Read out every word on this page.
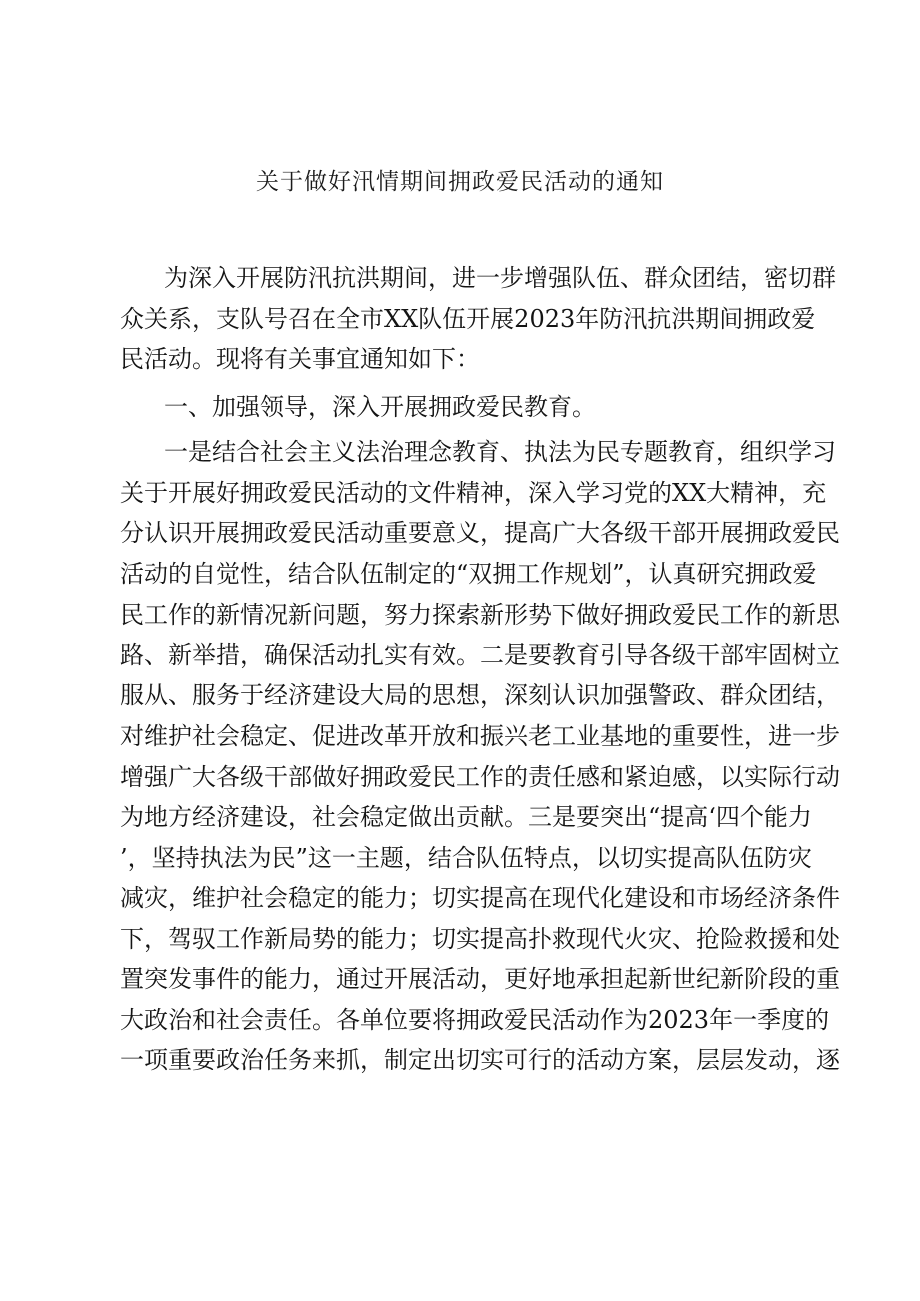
关于做好汛情期间拥政爱民活动的通知
为深入开展防汛抗洪期间，进一步增强队伍、群众团结，密切群
众关系，支队号召在全市XX队伍开展2023年防汛抗洪期间拥政爱
民活动。现将有关事宜通知如下：
一、加强领导，深入开展拥政爱民教育。
一是结合社会主义法治理念教育、执法为民专题教育，组织学习
关于开展好拥政爱民活动的文件精神，深入学习党的XX大精神，充
分认识开展拥政爱民活动重要意义，提高广大各级干部开展拥政爱民
活动的自觉性，结合队伍制定的“双拥工作规划”，认真研究拥政爱
民工作的新情况新问题，努力探索新形势下做好拥政爱民工作的新思
路、新举措，确保活动扎实有效。二是要教育引导各级干部牢固树立
服从、服务于经济建设大局的思想，深刻认识加强警政、群众团结，
对维护社会稳定、促进改革开放和振兴老工业基地的重要性，进一步
增强广大各级干部做好拥政爱民工作的责任感和紧迫感，以实际行动
为地方经济建设，社会稳定做出贡献。三是要突出“提高‘四个能力
’，坚持执法为民”这一主题，结合队伍特点，以切实提高队伍防灾
减灾，维护社会稳定的能力；切实提高在现代化建设和市场经济条件
下，驾驭工作新局势的能力；切实提高扑救现代火灾、抢险救援和处
置突发事件的能力，通过开展活动，更好地承担起新世纪新阶段的重
大政治和社会责任。各单位要将拥政爱民活动作为2023年一季度的
一项重要政治任务来抓，制定出切实可行的活动方案，层层发动，逐
